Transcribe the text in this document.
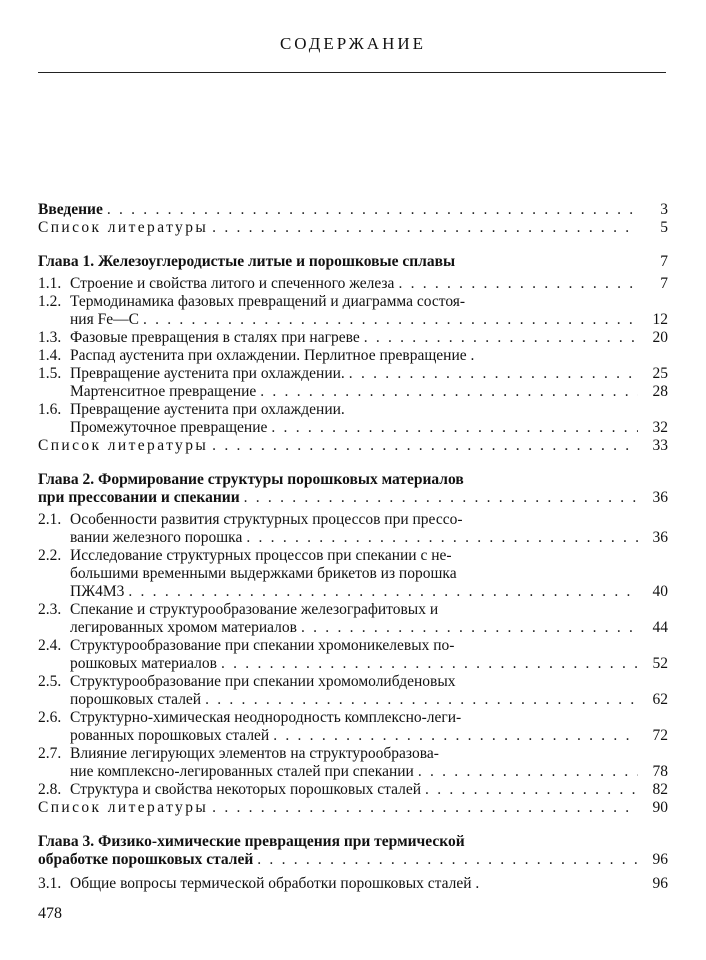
СОДЕРЖАНИЕ
Введение . . .	3
Список литературы . . .	5
Глава 1. Железоуглеродистые литые и порошковые сплавы	7
1.1. Строение и свойства литого и спеченного железа . . .	7
1.2. Термодинамика фазовых превращений и диаграмма состоя-
ния Fe—C . . .	12
1.3. Фазовые превращения в сталях при нагреве . . .	20
1.4. Распад аустенита при охлаждении. Перлитное превращение .
1.5. Превращение аустенита при охлаждении. . . .	25
Мартенситное превращение . . .	28
1.6. Превращение аустенита при охлаждении.
Промежуточное превращение . . .	32
Список литературы . . .	33
Глава 2. Формирование структуры порошковых материалов
при прессовании и спекании . . .	36
2.1. Особенности развития структурных процессов при прессо-
вании железного порошка . . .	36
2.2. Исследование структурных процессов при спекании с не-
большими временными выдержками брикетов из порошка
ПЖ4М3 . . .	40
2.3. Спекание и структурообразование железографитовых и
легированных хромом материалов . . .	44
2.4. Структурообразование при спекании хромоникелевых по-
рошковых материалов . . .	52
2.5. Структурообразование при спекании хромомолибденовых
порошковых сталей . . .	62
2.6. Структурно-химическая неоднородность комплексно-леги-
рованных порошковых сталей . . .	72
2.7. Влияние легирующих элементов на структурообразова-
ние комплексно-легированных сталей при спекании . . .	78
2.8. Структура и свойства некоторых порошковых сталей . . .	82
Список литературы . . .	90
Глава 3. Физико-химические превращения при термической
обработке порошковых сталей . . .	96
3.1. Общие вопросы термической обработки порошковых сталей .	96
478
